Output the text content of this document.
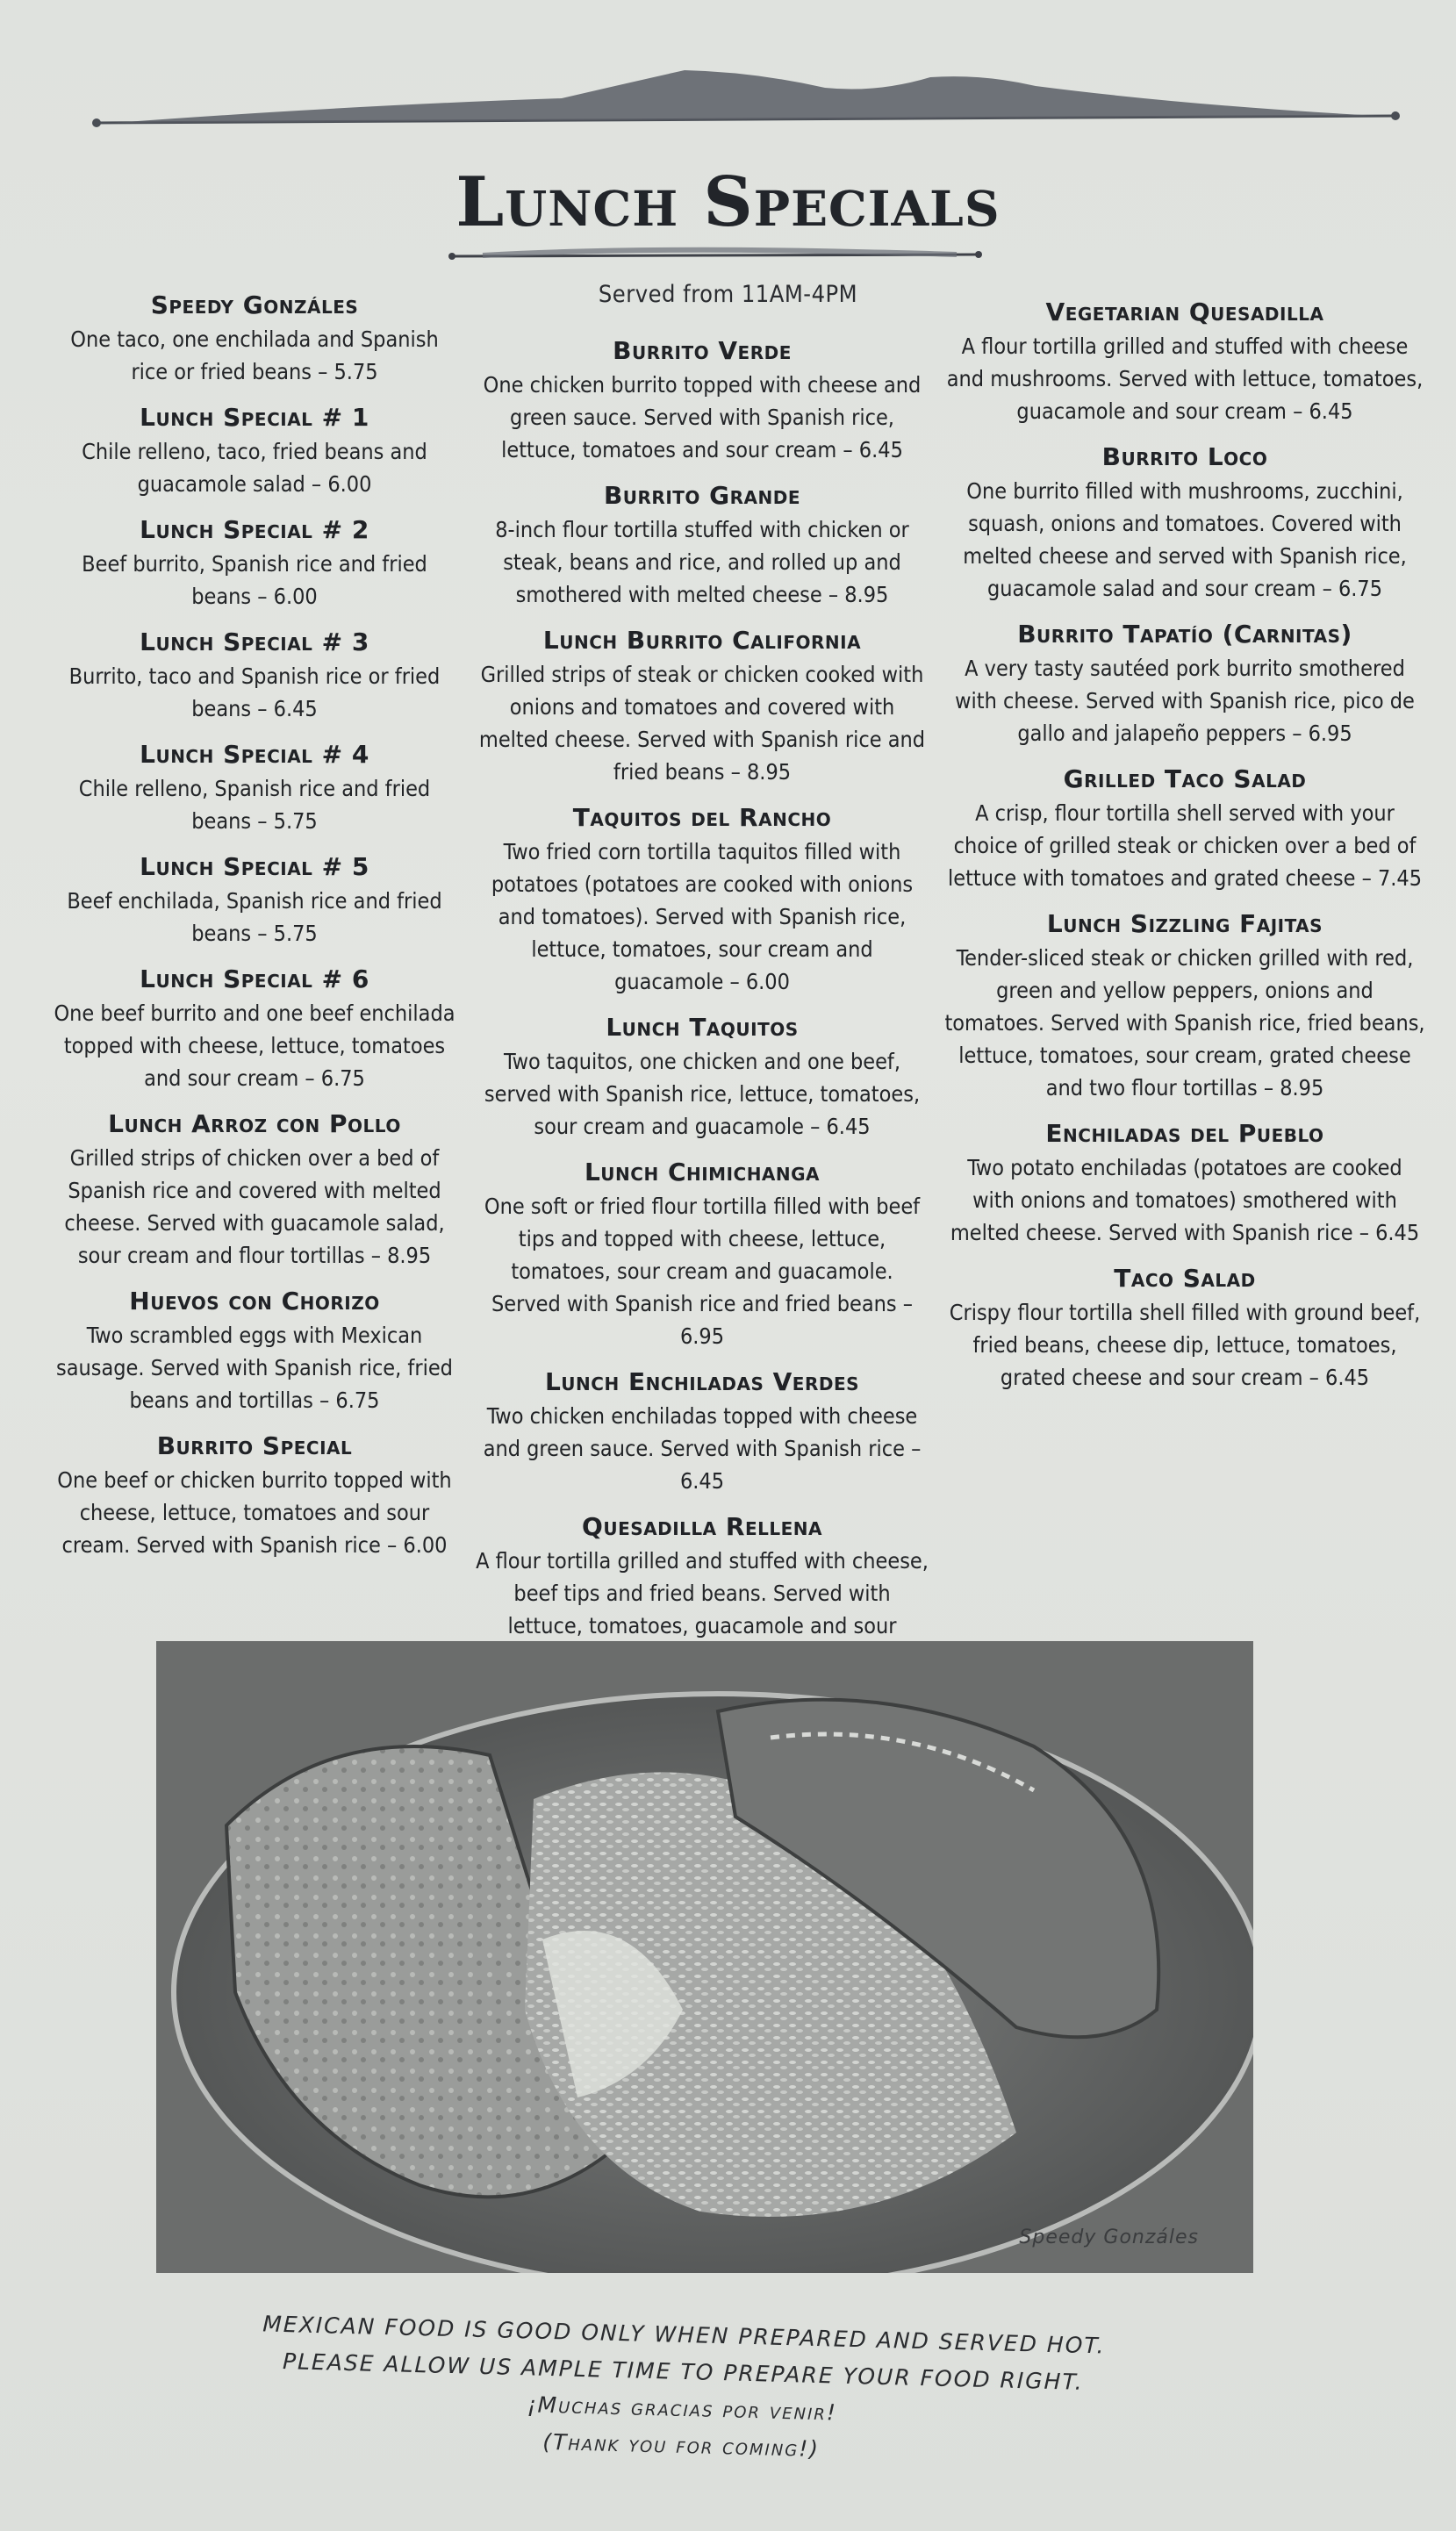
Lunch Specials
Served from 11AM-4PM
Speedy Gonzáles
One taco, one enchilada and Spanish rice or fried beans – 5.75
Lunch Special # 1
Chile relleno, taco, fried beans and guacamole salad – 6.00
Lunch Special # 2
Beef burrito, Spanish rice and fried beans – 6.00
Lunch Special # 3
Burrito, taco and Spanish rice or fried beans – 6.45
Lunch Special # 4
Chile relleno, Spanish rice and fried beans – 5.75
Lunch Special # 5
Beef enchilada, Spanish rice and fried beans – 5.75
Lunch Special # 6
One beef burrito and one beef enchilada topped with cheese, lettuce, tomatoes and sour cream – 6.75
Lunch Arroz con Pollo
Grilled strips of chicken over a bed of Spanish rice and covered with melted cheese. Served with guacamole salad, sour cream and flour tortillas – 8.95
Huevos con Chorizo
Two scrambled eggs with Mexican sausage. Served with Spanish rice, fried beans and tortillas – 6.75
Burrito Special
One beef or chicken burrito topped with cheese, lettuce, tomatoes and sour cream. Served with Spanish rice – 6.00
Burrito Verde
One chicken burrito topped with cheese and green sauce. Served with Spanish rice, lettuce, tomatoes and sour cream – 6.45
Burrito Grande
8-inch flour tortilla stuffed with chicken or steak, beans and rice, and rolled up and smothered with melted cheese – 8.95
Lunch Burrito California
Grilled strips of steak or chicken cooked with onions and tomatoes and covered with melted cheese. Served with Spanish rice and fried beans – 8.95
Taquitos del Rancho
Two fried corn tortilla taquitos filled with potatoes (potatoes are cooked with onions and tomatoes). Served with Spanish rice, lettuce, tomatoes, sour cream and guacamole – 6.00
Lunch Taquitos
Two taquitos, one chicken and one beef, served with Spanish rice, lettuce, tomatoes, sour cream and guacamole – 6.45
Lunch Chimichanga
One soft or fried flour tortilla filled with beef tips and topped with cheese, lettuce, tomatoes, sour cream and guacamole. Served with Spanish rice and fried beans – 6.95
Lunch Enchiladas Verdes
Two chicken enchiladas topped with cheese and green sauce. Served with Spanish rice – 6.45
Quesadilla Rellena
A flour tortilla grilled and stuffed with cheese, beef tips and fried beans. Served with lettuce, tomatoes, guacamole and sour
Vegetarian Quesadilla
A flour tortilla grilled and stuffed with cheese and mushrooms. Served with lettuce, tomatoes, guacamole and sour cream – 6.45
Burrito Loco
One burrito filled with mushrooms, zucchini, squash, onions and tomatoes. Covered with melted cheese and served with Spanish rice, guacamole salad and sour cream – 6.75
Burrito Tapatío (Carnitas)
A very tasty sautéed pork burrito smothered with cheese. Served with Spanish rice, pico de gallo and jalapeño peppers – 6.95
Grilled Taco Salad
A crisp, flour tortilla shell served with your choice of grilled steak or chicken over a bed of lettuce with tomatoes and grated cheese – 7.45
Lunch Sizzling Fajitas
Tender-sliced steak or chicken grilled with red, green and yellow peppers, onions and tomatoes. Served with Spanish rice, fried beans, lettuce, tomatoes, sour cream, grated cheese and two flour tortillas – 8.95
Enchiladas del Pueblo
Two potato enchiladas (potatoes are cooked with onions and tomatoes) smothered with melted cheese. Served with Spanish rice – 6.45
Taco Salad
Crispy flour tortilla shell filled with ground beef, fried beans, cheese dip, lettuce, tomatoes, grated cheese and sour cream – 6.45
Speedy Gonzáles
MEXICAN FOOD IS GOOD ONLY WHEN PREPARED AND SERVED HOT.
PLEASE ALLOW US AMPLE TIME TO PREPARE YOUR FOOD RIGHT.
¡Muchas gracias por venir!
(Thank you for coming!)
